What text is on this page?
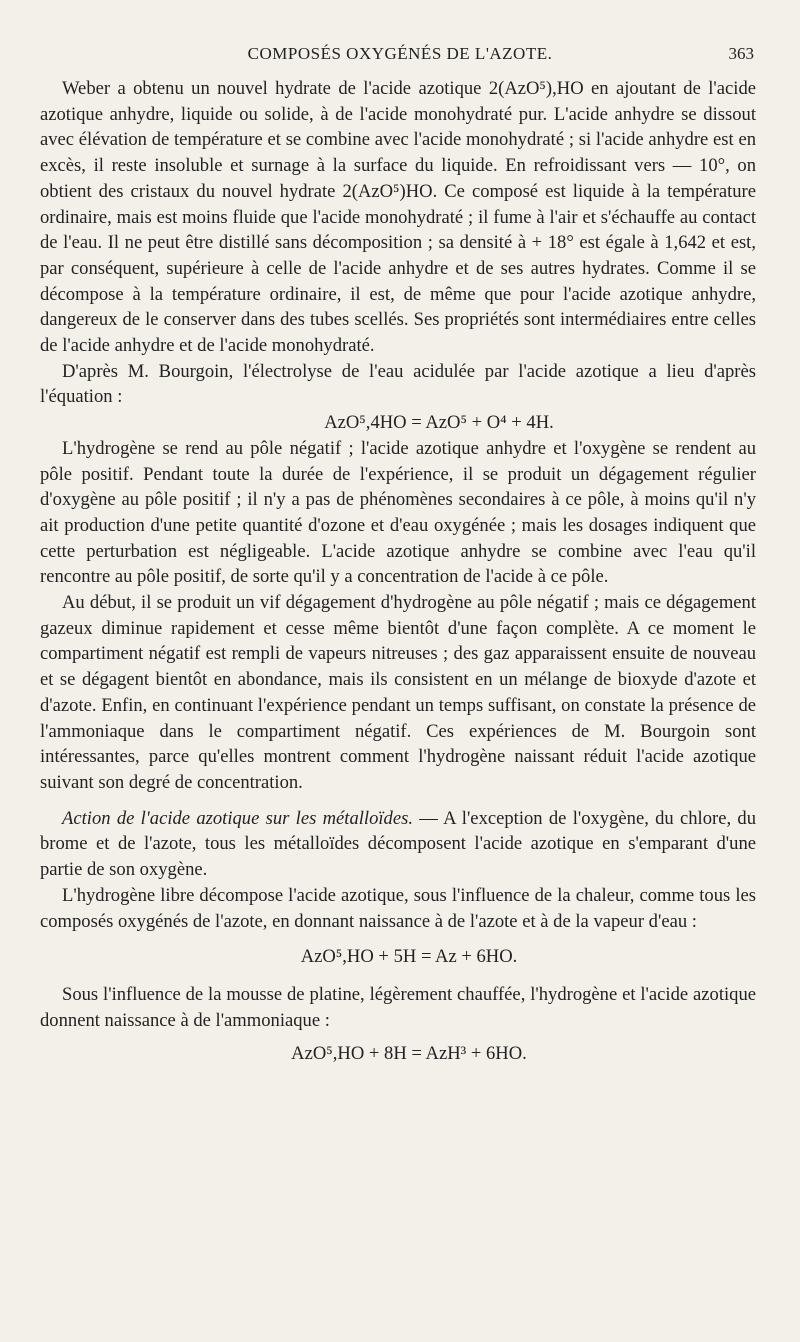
COMPOSÉS OXYGÉNÉS DE L'AZOTE.	363

Weber a obtenu un nouvel hydrate de l'acide azotique 2(AzO⁵),HO en ajoutant de l'acide azotique anhydre, liquide ou solide, à de l'acide monohydraté pur. L'acide anhydre se dissout avec élévation de température et se combine avec l'acide monohydraté ; si l'acide anhydre est en excès, il reste insoluble et surnage à la surface du liquide. En refroidissant vers — 10°, on obtient des cristaux du nouvel hydrate 2(AzO⁵)HO. Ce composé est liquide à la température ordinaire, mais est moins fluide que l'acide monohydraté ; il fume à l'air et s'échauffe au contact de l'eau. Il ne peut être distillé sans décomposition ; sa densité à + 18° est égale à 1,642 et est, par conséquent, supérieure à celle de l'acide anhydre et de ses autres hydrates. Comme il se décompose à la température ordinaire, il est, de même que pour l'acide azotique anhydre, dangereux de le conserver dans des tubes scellés. Ses propriétés sont intermédiaires entre celles de l'acide anhydre et de l'acide monohydraté.

D'après M. Bourgoin, l'électrolyse de l'eau acidulée par l'acide azotique a lieu d'après l'équation :

AzO⁵,4HO = AzO⁵ + O⁴ + 4H.

L'hydrogène se rend au pôle négatif ; l'acide azotique anhydre et l'oxygène se rendent au pôle positif. Pendant toute la durée de l'expérience, il se produit un dégagement régulier d'oxygène au pôle positif ; il n'y a pas de phénomènes secondaires à ce pôle, à moins qu'il n'y ait production d'une petite quantité d'ozone et d'eau oxygénée ; mais les dosages indiquent que cette perturbation est négligeable. L'acide azotique anhydre se combine avec l'eau qu'il rencontre au pôle positif, de sorte qu'il y a concentration de l'acide à ce pôle.

Au début, il se produit un vif dégagement d'hydrogène au pôle négatif ; mais ce dégagement gazeux diminue rapidement et cesse même bientôt d'une façon complète. A ce moment le compartiment négatif est rempli de vapeurs nitreuses ; des gaz apparaissent ensuite de nouveau et se dégagent bientôt en abondance, mais ils consistent en un mélange de bioxyde d'azote et d'azote. Enfin, en continuant l'expérience pendant un temps suffisant, on constate la présence de l'ammoniaque dans le compartiment négatif. Ces expériences de M. Bourgoin sont intéressantes, parce qu'elles montrent comment l'hydrogène naissant réduit l'acide azotique suivant son degré de concentration.

Action de l'acide azotique sur les métalloïdes. — A l'exception de l'oxygène, du chlore, du brome et de l'azote, tous les métalloïdes décomposent l'acide azotique en s'emparant d'une partie de son oxygène.

L'hydrogène libre décompose l'acide azotique, sous l'influence de la chaleur, comme tous les composés oxygénés de l'azote, en donnant naissance à de l'azote et à de la vapeur d'eau :

AzO⁵,HO + 5H = Az + 6HO.

Sous l'influence de la mousse de platine, légèrement chauffée, l'hydrogène et l'acide azotique donnent naissance à de l'ammoniaque :

AzO⁵,HO + 8H = AzH³ + 6HO.
